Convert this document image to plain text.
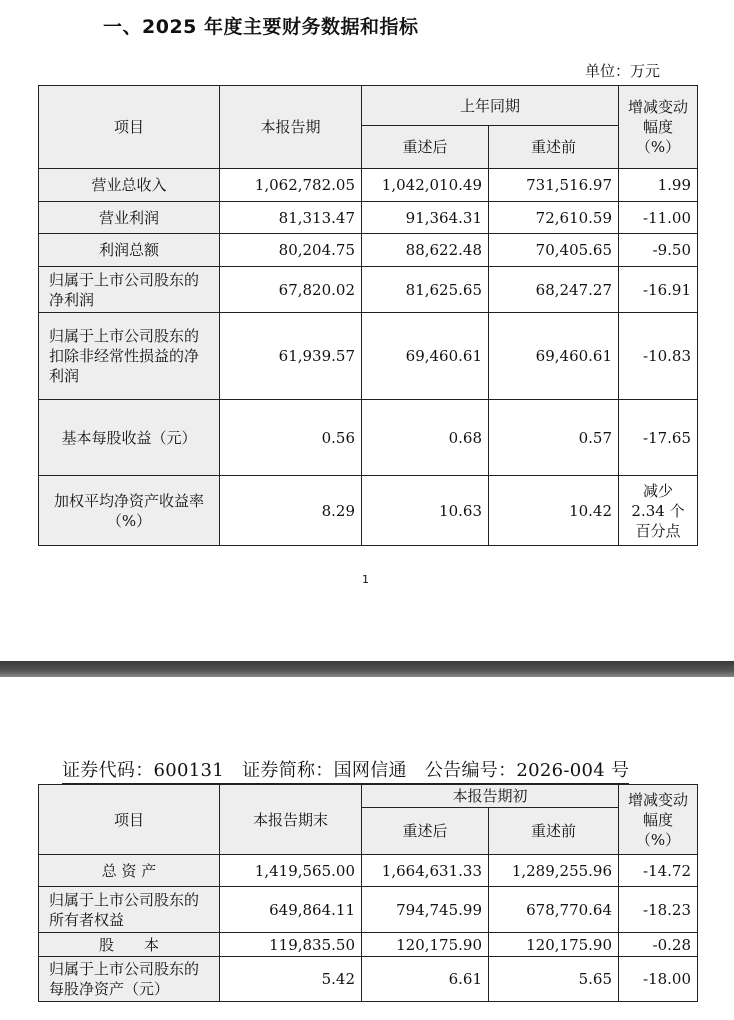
一、2025 年度主要财务数据和指标
单位：万元
项目	本报告期	上年同期		增减变动幅度（%）
		重述后	重述前	
营业总收入	1,062,782.05	1,042,010.49	731,516.97	1.99
营业利润	81,313.47	91,364.31	72,610.59	-11.00
利润总额	80,204.75	88,622.48	70,405.65	-9.50
归属于上市公司股东的净利润	67,820.02	81,625.65	68,247.27	-16.91
归属于上市公司股东的扣除非经常性损益的净利润	61,939.57	69,460.61	69,460.61	-10.83
基本每股收益（元）	0.56	0.68	0.57	-17.65
加权平均净资产收益率（%）	8.29	10.63	10.42	减少 2.34 个百分点
1
证券代码：600131 证券简称：国网信通 公告编号：2026-004 号
项目	本报告期末	本报告期初		增减变动幅度（%）
		重述后	重述前	
总 资 产	1,419,565.00	1,664,631.33	1,289,255.96	-14.72
归属于上市公司股东的所有者权益	649,864.11	794,745.99	678,770.64	-18.23
股　　本	119,835.50	120,175.90	120,175.90	-0.28
归属于上市公司股东的每股净资产（元）	5.42	6.61	5.65	-18.00
